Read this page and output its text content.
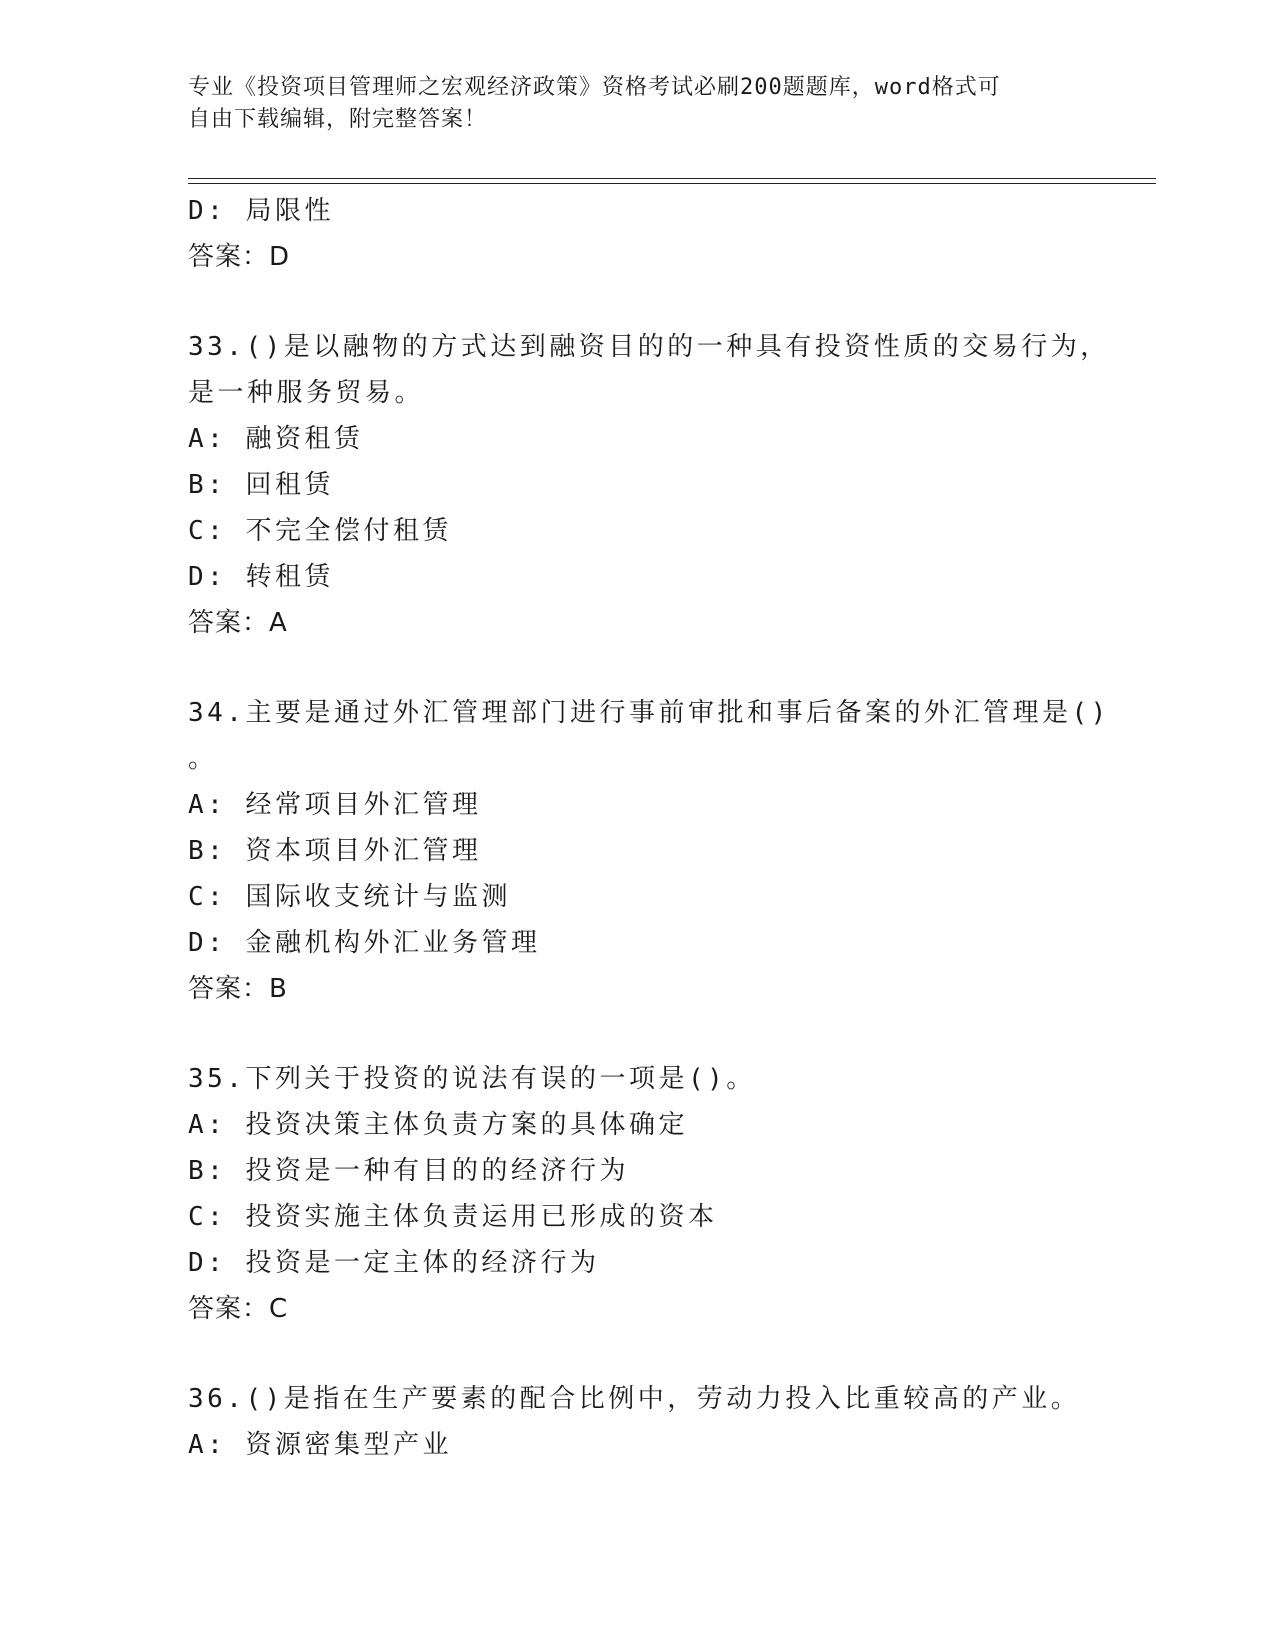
专业《投资项目管理师之宏观经济政策》资格考试必刷200题题库，word格式可
自由下载编辑，附完整答案！
D: 局限性
答案：D
33.()是以融物的方式达到融资目的的一种具有投资性质的交易行为，
是一种服务贸易。
A: 融资租赁
B: 回租赁
C: 不完全偿付租赁
D: 转租赁
答案：A
34.主要是通过外汇管理部门进行事前审批和事后备案的外汇管理是()
。
A: 经常项目外汇管理
B: 资本项目外汇管理
C: 国际收支统计与监测
D: 金融机构外汇业务管理
答案：B
35.下列关于投资的说法有误的一项是()。
A: 投资决策主体负责方案的具体确定
B: 投资是一种有目的的经济行为
C: 投资实施主体负责运用已形成的资本
D: 投资是一定主体的经济行为
答案：C
36.()是指在生产要素的配合比例中，劳动力投入比重较高的产业。
A: 资源密集型产业
